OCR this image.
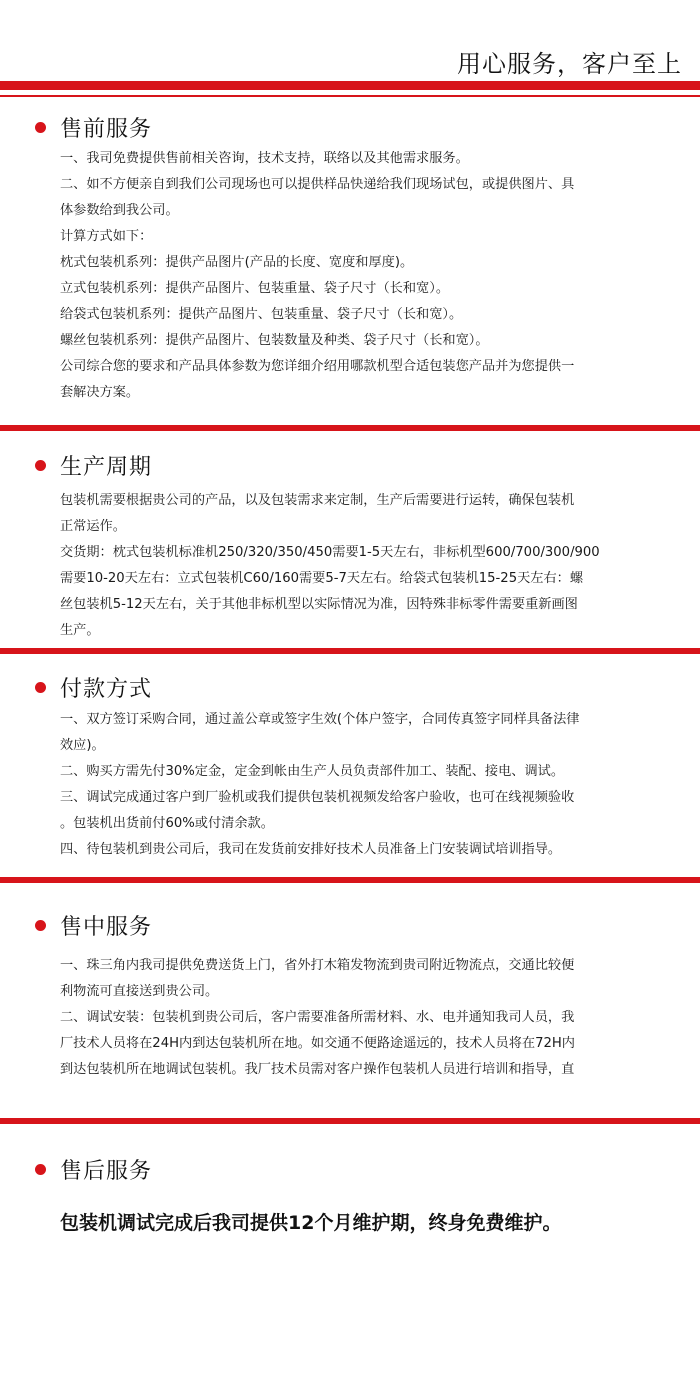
用心服务，客户至上
售前服务
一、我司免费提供售前相关咨询，技术支持，联络以及其他需求服务。
二、如不方便亲自到我们公司现场也可以提供样品快递给我们现场试包，或提供图片、具
体参数给到我公司。
计算方式如下：
枕式包装机系列：提供产品图片(产品的长度、宽度和厚度)。
立式包装机系列：提供产品图片、包装重量、袋子尺寸（长和宽）。
给袋式包装机系列：提供产品图片、包装重量、袋子尺寸（长和宽）。
螺丝包装机系列：提供产品图片、包装数量及种类、袋子尺寸（长和宽）。
公司综合您的要求和产品具体参数为您详细介绍用哪款机型合适包装您产品并为您提供一
套解决方案。
生产周期
包装机需要根据贵公司的产品，以及包装需求来定制，生产后需要进行运转，确保包装机
正常运作。
交货期：枕式包装机标准机250/320/350/450需要1-5天左右，非标机型600/700/300/900
需要10-20天左右：立式包装机C60/160需要5-7天左右。给袋式包装机15-25天左右：螺
丝包装机5-12天左右，关于其他非标机型以实际情况为准，因特殊非标零件需要重新画图
生产。
付款方式
一、双方签订采购合同，通过盖公章或签字生效(个体户签字，合同传真签字同样具备法律
效应)。
二、购买方需先付30%定金，定金到帐由生产人员负责部件加工、装配、接电、调试。
三、调试完成通过客户到厂验机或我们提供包装机视频发给客户验收，也可在线视频验收
。包装机出货前付60%或付清余款。
四、待包装机到贵公司后，我司在发货前安排好技术人员准备上门安装调试培训指导。
售中服务
一、珠三角内我司提供免费送货上门，省外打木箱发物流到贵司附近物流点，交通比较便
利物流可直接送到贵公司。
二、调试安装：包装机到贵公司后，客户需要准备所需材料、水、电并通知我司人员，我
厂技术人员将在24H内到达包装机所在地。如交通不便路途遥远的，技术人员将在72H内
到达包装机所在地调试包装机。我厂技术员需对客户操作包装机人员进行培训和指导，直
售后服务
包装机调试完成后我司提供12个月维护期，终身免费维护。
